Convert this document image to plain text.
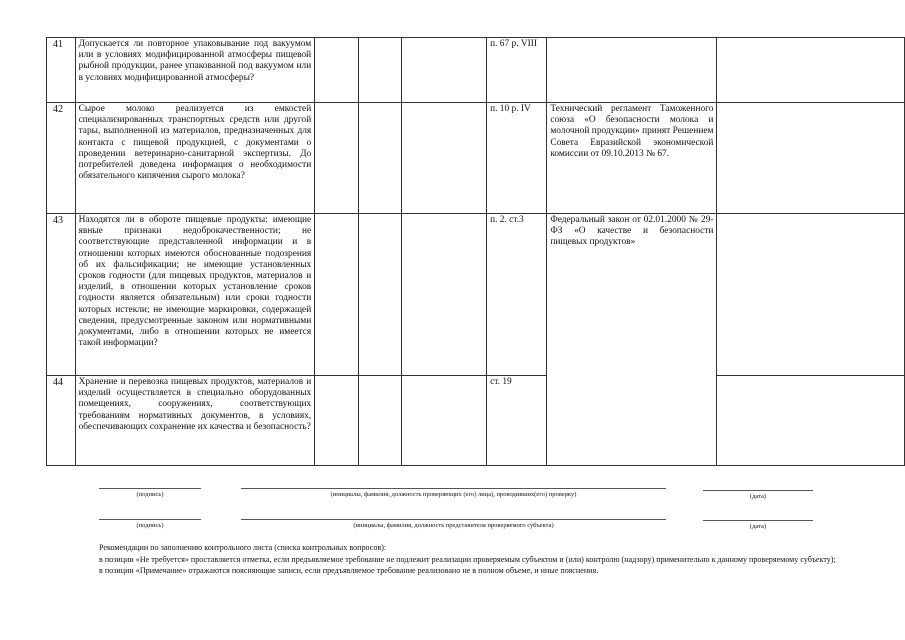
41	Допускается ли повторное упаковывание под вакуумом или в условиях модифицированной атмосферы пищевой рыбной продукции, ранее упакованной под вакуумом или в условиях модифицированной атмосферы?				п. 67 р. VIII		
42	Сырое молоко реализуется из емкостей специализированных транспортных средств или другой тары, выполненной из материалов, предназначенных для контакта с пищевой продукцией, с документами о проведении ветеринарно-санитарной экспертизы. До потребителей доведена информация о необходимости обязательного кипячения сырого молока?				п. 10 р. IV	Технический регламент Таможенного союза «О безопасности молока и молочной продукции» принят Решением Совета Евразийской экономической комиссии от 09.10.2013 № 67.	
43	Находятся ли в обороте пищевые продукты: имеющие явные признаки недоброкачественности; не соответствующие представленной информации и в отношении которых имеются обоснованные подозрения об их фальсификации; не имеющие установленных сроков годности (для пищевых продуктов, материалов и изделий, в отношении которых установление сроков годности является обязательным) или сроки годности которых истекли; не имеющие маркировки, содержащей сведения, предусмотренные законом или нормативными документами, либо в отношении которых не имеется такой информации?				п. 2. ст.3	Федеральный закон от 02.01.2000 № 29-ФЗ «О качестве и безопасности пищевых продуктов»	
44	Хранение и перевозка пищевых продуктов, материалов и изделий осуществляется в специально оборудованных помещениях, сооружениях, соответствующих требованиям нормативных документов, в условиях, обеспечивающих сохранение их качества и безопасность?				ст. 19		
(подпись)	(инициалы, фамилия, должность проверяющих (его) лица), проводивших(его) проверку)	(дата)
(подпись)	(инициалы, фамилия, должность представителя проверяемого субъекта)	(дата)

Рекомендации по заполнению контрольного листа (списка контрольных вопросов):

в позиции «Не требуется» проставляется отметка, если предъявляемое требование не подлежит реализации проверяемым субъектом и (или) контролю (надзору) применительно к данному проверяемому субъекту);

в позиции «Примечание» отражаются поясняющие записи, если предъявляемое требование реализовано не в полном объеме, и иные пояснения.
